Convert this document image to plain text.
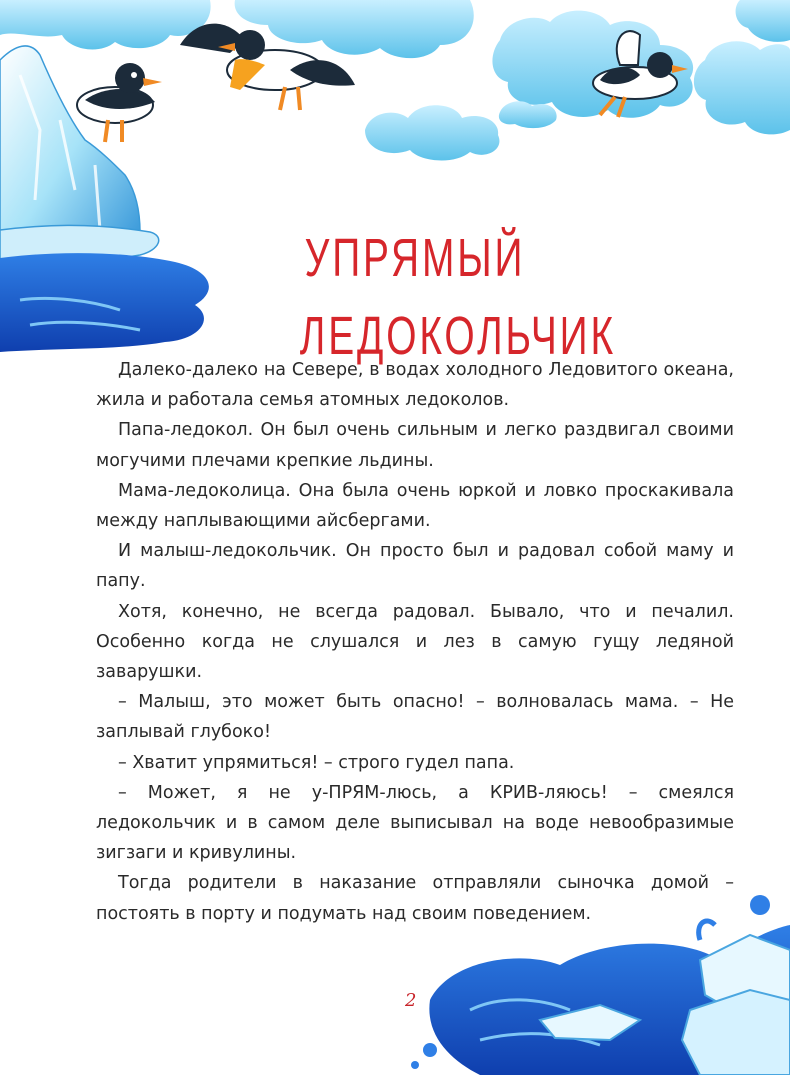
УПРЯМЫЙ
ЛЕДОКОЛЬЧИК

Далеко-далеко на Севере, в водах холодного Ледовитого океана, жила и работала семья атомных ледоколов.

Папа-ледокол. Он был очень сильным и легко раздвигал своими могучими плечами крепкие льдины.

Мама-ледоколица. Она была очень юркой и ловко проскакивала между наплывающими айсбергами.

И малыш-ледокольчик. Он просто был и радовал собой маму и папу.

Хотя, конечно, не всегда радовал. Бывало, что и печалил. Особенно когда не слушался и лез в самую гущу ледяной заварушки.

– Малыш, это может быть опасно! – волновалась мама. – Не заплывай глубоко!

– Хватит упрямиться! – строго гудел папа.

– Может, я не у-ПРЯМ-люсь, а КРИВ-ляюсь! – смеялся ледокольчик и в самом деле выписывал на воде невообразимые зигзаги и кривулины.

Тогда родители в наказание отправляли сыночка домой – постоять в порту и подумать над своим поведением.

2
